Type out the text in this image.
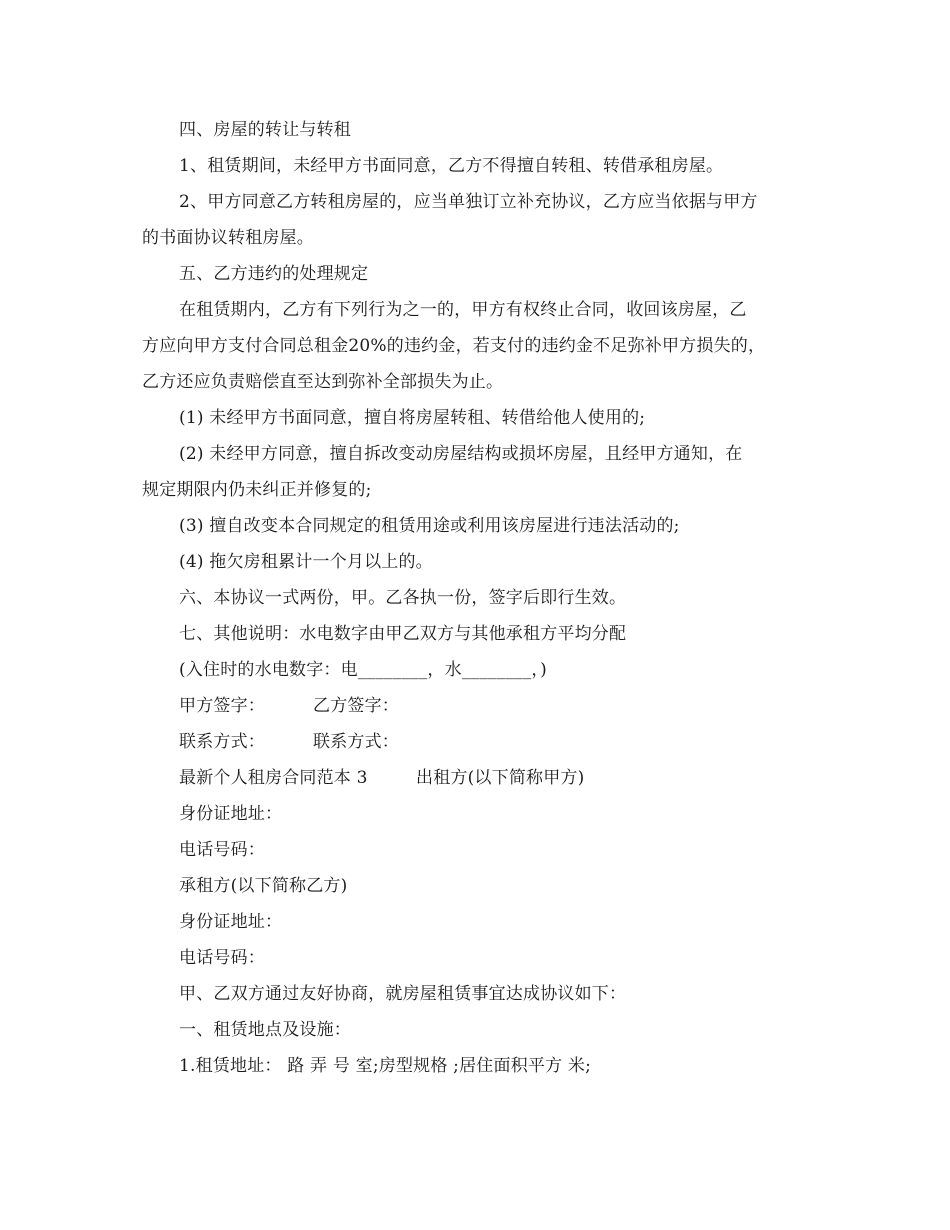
四、房屋的转让与转租
1、租赁期间，未经甲方书面同意，乙方不得擅自转租、转借承租房屋。
2、甲方同意乙方转租房屋的，应当单独订立补充协议，乙方应当依据与甲方
的书面协议转租房屋。
五、乙方违约的处理规定
在租赁期内，乙方有下列行为之一的，甲方有权终止合同，收回该房屋，乙
方应向甲方支付合同总租金20%的违约金，若支付的违约金不足弥补甲方损失的，
乙方还应负责赔偿直至达到弥补全部损失为止。
(1) 未经甲方书面同意，擅自将房屋转租、转借给他人使用的;
(2) 未经甲方同意，擅自拆改变动房屋结构或损坏房屋，且经甲方通知，在
规定期限内仍未纠正并修复的;
(3) 擅自改变本合同规定的租赁用途或利用该房屋进行违法活动的;
(4) 拖欠房租累计一个月以上的。
六、本协议一式两份，甲。乙各执一份，签字后即行生效。
七、其他说明：水电数字由甲乙双方与其他承租方平均分配
(入住时的水电数字：电________，水________，)
甲方签字：	乙方签字：
联系方式：	联系方式：
最新个人租房合同范本 3	出租方(以下简称甲方)
身份证地址：
电话号码：
承租方(以下简称乙方)
身份证地址：
电话号码：
甲、乙双方通过友好协商，就房屋租赁事宜达成协议如下：
一、租赁地点及设施：
1.租赁地址： 路 弄 号 室;房型规格 ;居住面积平方 米;
